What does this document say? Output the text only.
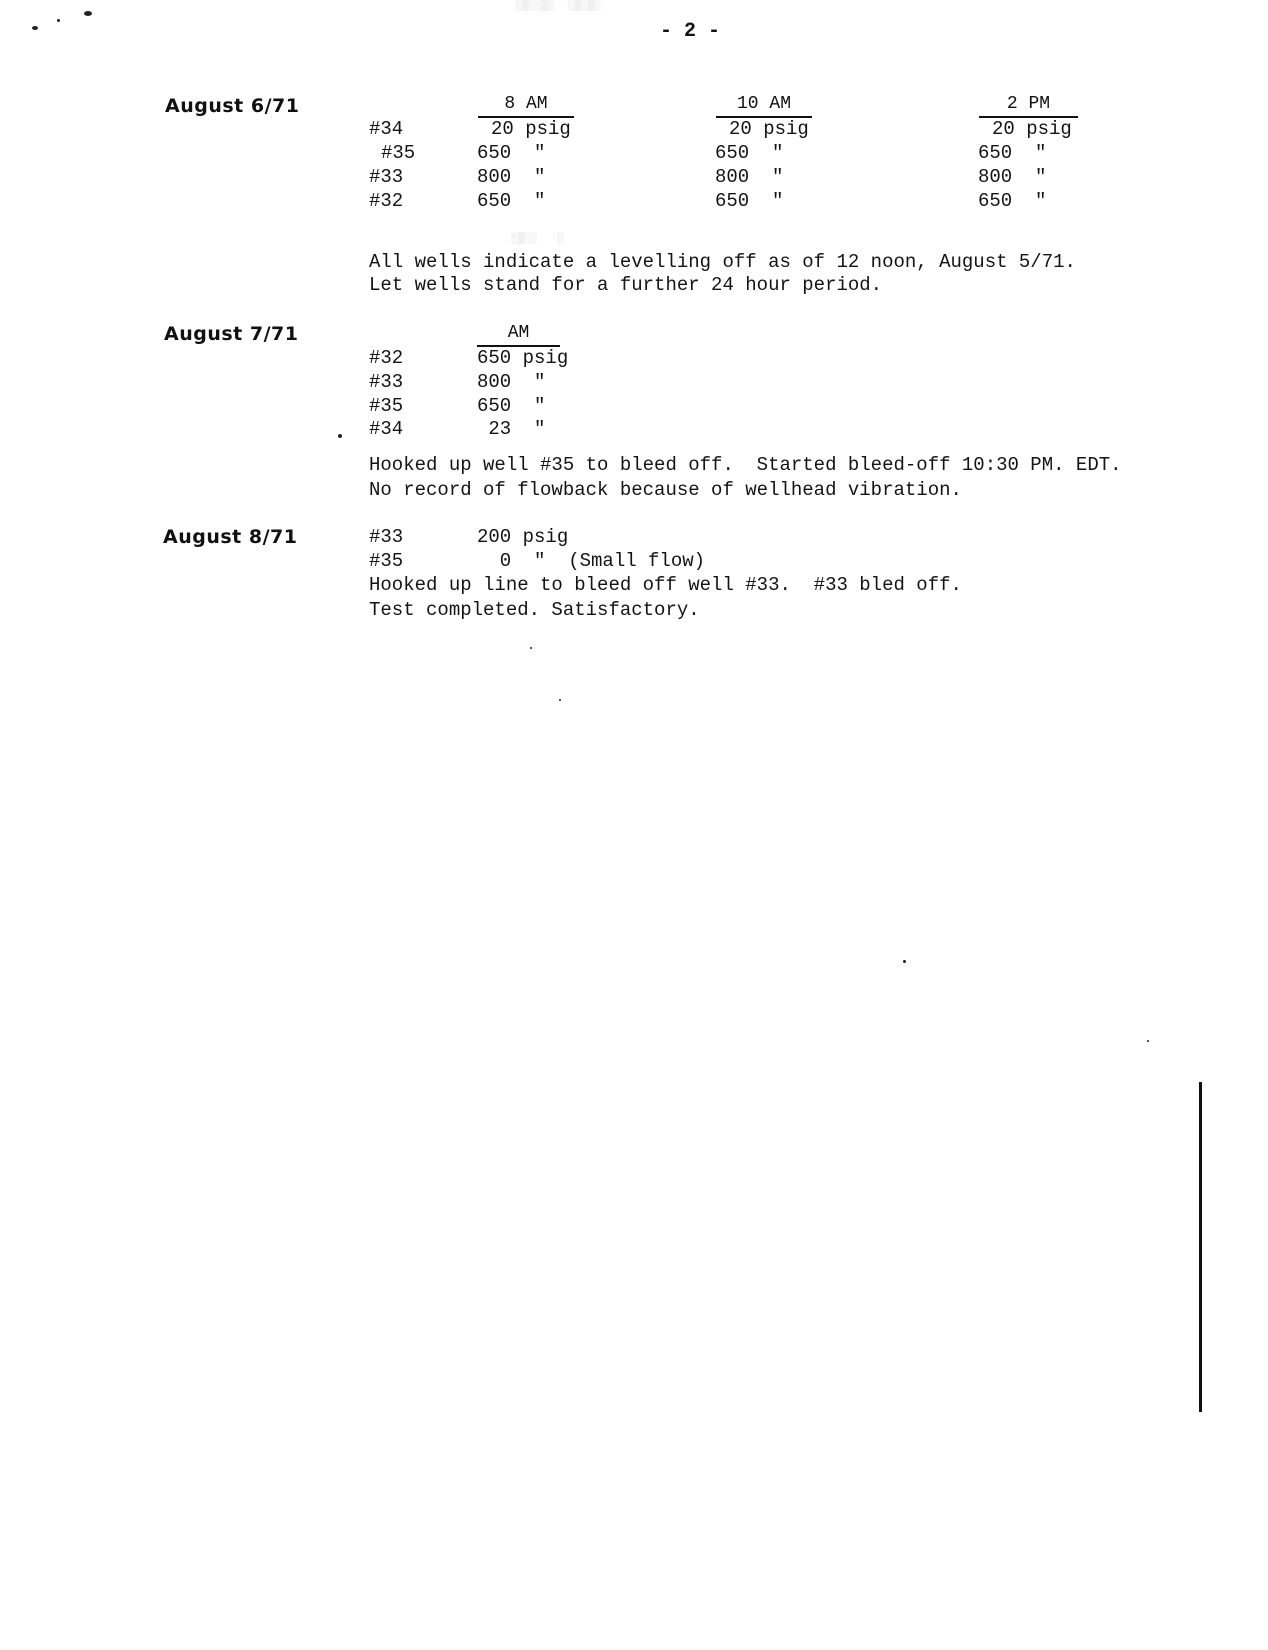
░▒░░▒░  ░▒░▒░
- 2 -
August 6/71	8 AM	10 AM	2 PM
#34	20 psig	20 psig	20 psig
#35	650  "	650  "	650  "
#33	800  "	800  "	800  "
#32	650  "	650  "	650  "
░▒░░   ░
All wells indicate a levelling off as of 12 noon, August 5/71.
Let wells stand for a further 24 hour period.
August 7/71	AM
#32	650 psig
#33	800  "
#35	650  "
#34	23  "
Hooked up well #35 to bleed off.  Started bleed-off 10:30 PM. EDT.
No record of flowback because of wellhead vibration.
August 8/71	#33	200 psig
#35	0  "  (Small flow)
Hooked up line to bleed off well #33.  #33 bled off.
Test completed. Satisfactory.
